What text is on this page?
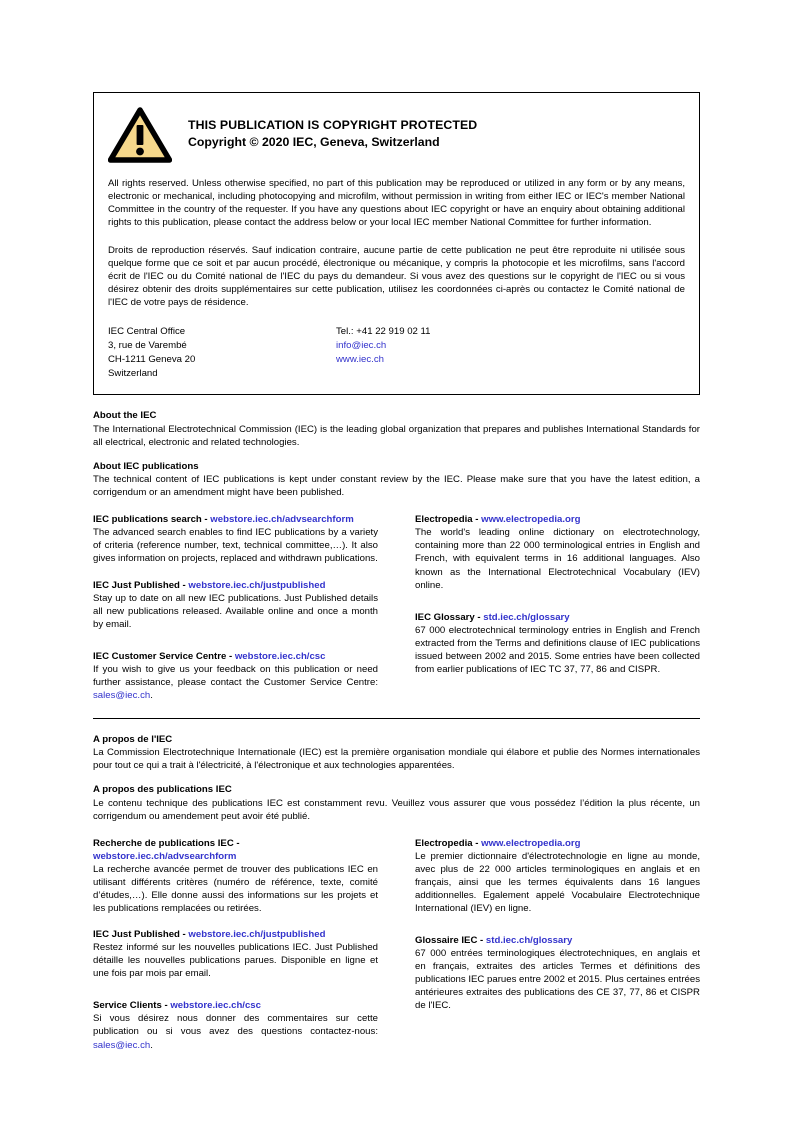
THIS PUBLICATION IS COPYRIGHT PROTECTED
Copyright © 2020 IEC, Geneva, Switzerland
All rights reserved. Unless otherwise specified, no part of this publication may be reproduced or utilized in any form or by any means, electronic or mechanical, including photocopying and microfilm, without permission in writing from either IEC or IEC's member National Committee in the country of the requester. If you have any questions about IEC copyright or have an enquiry about obtaining additional rights to this publication, please contact the address below or your local IEC member National Committee for further information.
Droits de reproduction réservés. Sauf indication contraire, aucune partie de cette publication ne peut être reproduite ni utilisée sous quelque forme que ce soit et par aucun procédé, électronique ou mécanique, y compris la photocopie et les microfilms, sans l'accord écrit de l'IEC ou du Comité national de l'IEC du pays du demandeur. Si vous avez des questions sur le copyright de l'IEC ou si vous désirez obtenir des droits supplémentaires sur cette publication, utilisez les coordonnées ci-après ou contactez le Comité national de l'IEC de votre pays de résidence.
IEC Central Office
3, rue de Varembé
CH-1211 Geneva 20
Switzerland
Tel.: +41 22 919 02 11
info@iec.ch
www.iec.ch
About the IEC
The International Electrotechnical Commission (IEC) is the leading global organization that prepares and publishes International Standards for all electrical, electronic and related technologies.
About IEC publications
The technical content of IEC publications is kept under constant review by the IEC. Please make sure that you have the latest edition, a corrigendum or an amendment might have been published.
IEC publications search - webstore.iec.ch/advsearchform
The advanced search enables to find IEC publications by a variety of criteria (reference number, text, technical committee,…). It also gives information on projects, replaced and withdrawn publications.
IEC Just Published - webstore.iec.ch/justpublished
Stay up to date on all new IEC publications. Just Published details all new publications released. Available online and once a month by email.
IEC Customer Service Centre - webstore.iec.ch/csc
If you wish to give us your feedback on this publication or need further assistance, please contact the Customer Service Centre: sales@iec.ch.
Electropedia - www.electropedia.org
The world's leading online dictionary on electrotechnology, containing more than 22 000 terminological entries in English and French, with equivalent terms in 16 additional languages. Also known as the International Electrotechnical Vocabulary (IEV) online.
IEC Glossary - std.iec.ch/glossary
67 000 electrotechnical terminology entries in English and French extracted from the Terms and definitions clause of IEC publications issued between 2002 and 2015. Some entries have been collected from earlier publications of IEC TC 37, 77, 86 and CISPR.
A propos de l'IEC
La Commission Electrotechnique Internationale (IEC) est la première organisation mondiale qui élabore et publie des Normes internationales pour tout ce qui a trait à l'électricité, à l'électronique et aux technologies apparentées.
A propos des publications IEC
Le contenu technique des publications IEC est constamment revu. Veuillez vous assurer que vous possédez l’édition la plus récente, un corrigendum ou amendement peut avoir été publié.
Recherche de publications IEC -
webstore.iec.ch/advsearchform
La recherche avancée permet de trouver des publications IEC en utilisant différents critères (numéro de référence, texte, comité d’études,…). Elle donne aussi des informations sur les projets et les publications remplacées ou retirées.
IEC Just Published - webstore.iec.ch/justpublished
Restez informé sur les nouvelles publications IEC. Just Published détaille les nouvelles publications parues. Disponible en ligne et une fois par mois par email.
Service Clients - webstore.iec.ch/csc
Si vous désirez nous donner des commentaires sur cette publication ou si vous avez des questions contactez-nous: sales@iec.ch.
Electropedia - www.electropedia.org
Le premier dictionnaire d'électrotechnologie en ligne au monde, avec plus de 22 000 articles terminologiques en anglais et en français, ainsi que les termes équivalents dans 16 langues additionnelles. Egalement appelé Vocabulaire Electrotechnique International (IEV) en ligne.
Glossaire IEC - std.iec.ch/glossary
67 000 entrées terminologiques électrotechniques, en anglais et en français, extraites des articles Termes et définitions des publications IEC parues entre 2002 et 2015. Plus certaines entrées antérieures extraites des publications des CE 37, 77, 86 et CISPR de l'IEC.
